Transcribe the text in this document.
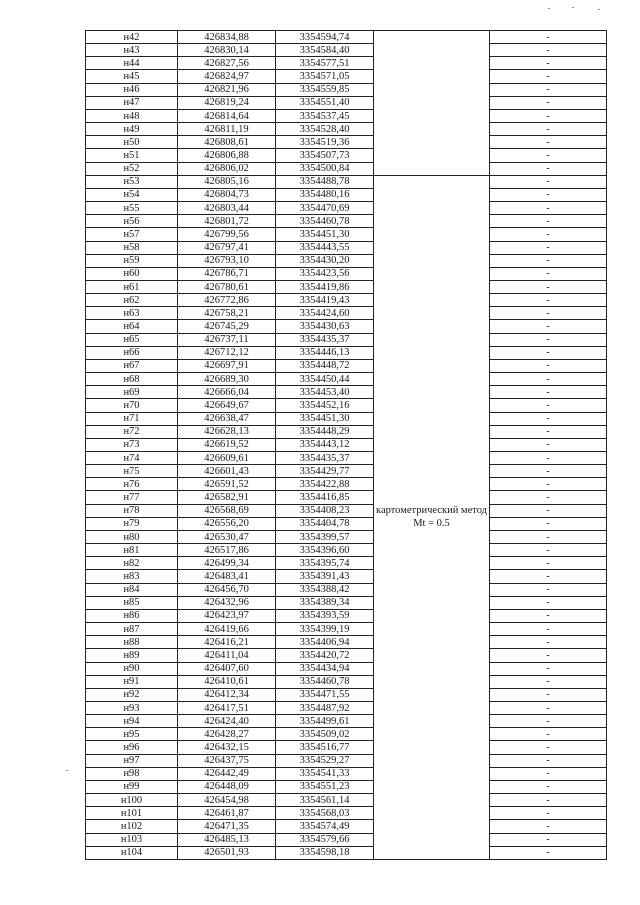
н42	426834,88	3354594,74		-
н43	426830,14	3354584,40		-
н44	426827,56	3354577,51		-
н45	426824,97	3354571,05		-
н46	426821,96	3354559,85		-
н47	426819,24	3354551,40		-
н48	426814,64	3354537,45		-
н49	426811,19	3354528,40		-
н50	426808,61	3354519,36		-
н51	426806,88	3354507,73		-
н52	426806,02	3354500,84		-
н53	426805,16	3354488,78	картометрический метод Mt = 0.5	-
н54	426804,73	3354480,16		-
н55	426803,44	3354470,69		-
н56	426801,72	3354460,78		-
н57	426799,56	3354451,30		-
н58	426797,41	3354443,55		-
н59	426793,10	3354430,20		-
н60	426786,71	3354423,56		-
н61	426780,61	3354419,86		-
н62	426772,86	3354419,43		-
н63	426758,21	3354424,60		-
н64	426745,29	3354430,63		-
н65	426737,11	3354435,37		-
н66	426712,12	3354446,13		-
н67	426697,91	3354448,72		-
н68	426689,30	3354450,44		-
н69	426666,04	3354453,40		-
н70	426649,67	3354452,16		-
н71	426638,47	3354451,30		-
н72	426628,13	3354448,29		-
н73	426619,52	3354443,12		-
н74	426609,61	3354435,37		-
н75	426601,43	3354429,77		-
н76	426591,52	3354422,88		-
н77	426582,91	3354416,85		-
н78	426568,69	3354408,23		-
н79	426556,20	3354404,78		-
н80	426530,47	3354399,57		-
н81	426517,86	3354396,60		-
н82	426499,34	3354395,74		-
н83	426483,41	3354391,43		-
н84	426456,70	3354388,42		-
н85	426432,96	3354389,34		-
н86	426423,97	3354393,59		-
н87	426419,66	3354399,19		-
н88	426416,21	3354406,94		-
н89	426411,04	3354420,72		-
н90	426407,60	3354434,94		-
н91	426410,61	3354460,78		-
н92	426412,34	3354471,55		-
н93	426417,51	3354487,92		-
н94	426424,40	3354499,61		-
н95	426428,27	3354509,02		-
н96	426432,15	3354516,77		-
н97	426437,75	3354529,27		-
н98	426442,49	3354541,33		-
н99	426448,09	3354551,23		-
н100	426454,98	3354561,14		-
н101	426461,87	3354568,03		-
н102	426471,35	3354574,49		-
н103	426485,13	3354579,66		-
н104	426501,93	3354598,18		-
